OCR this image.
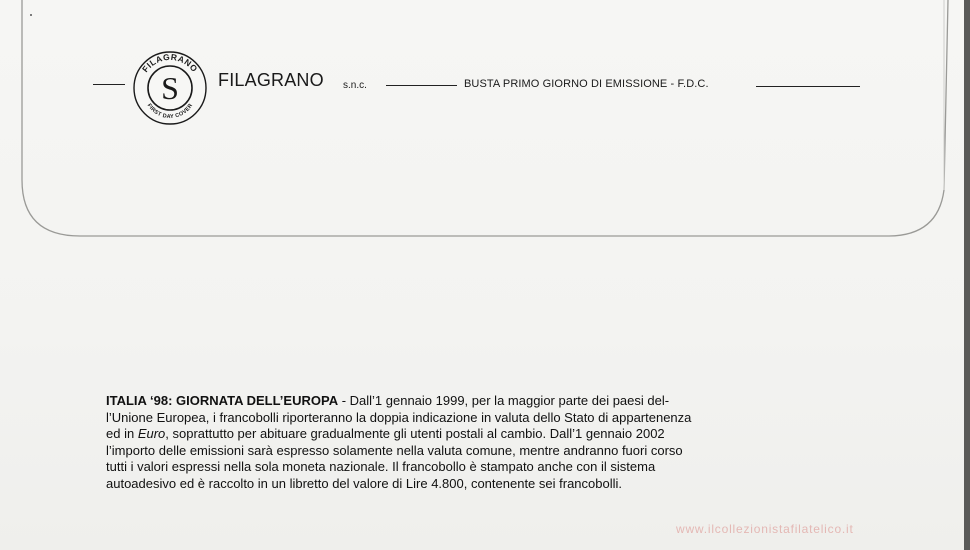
S
FILAGRANO
FIRST DAY COVER
FILAGRANO s.n.c.	BUSTA PRIMO GIORNO DI EMISSIONE - F.D.C.
ITALIA ‘98: GIORNATA DELL’EUROPA - Dall’1 gennaio 1999, per la maggior parte dei paesi del-
l’Unione Europea, i francobolli riporteranno la doppia indicazione in valuta dello Stato di appartenenza
ed in Euro, soprattutto per abituare gradualmente gli utenti postali al cambio. Dall’1 gennaio 2002
l’importo delle emissioni sarà espresso solamente nella valuta comune, mentre andranno fuori corso
tutti i valori espressi nella sola moneta nazionale. Il francobollo è stampato anche con il sistema
autoadesivo ed è raccolto in un libretto del valore di Lire 4.800, contenente sei francobolli.
www.ilcollezionistafilatelico.it
